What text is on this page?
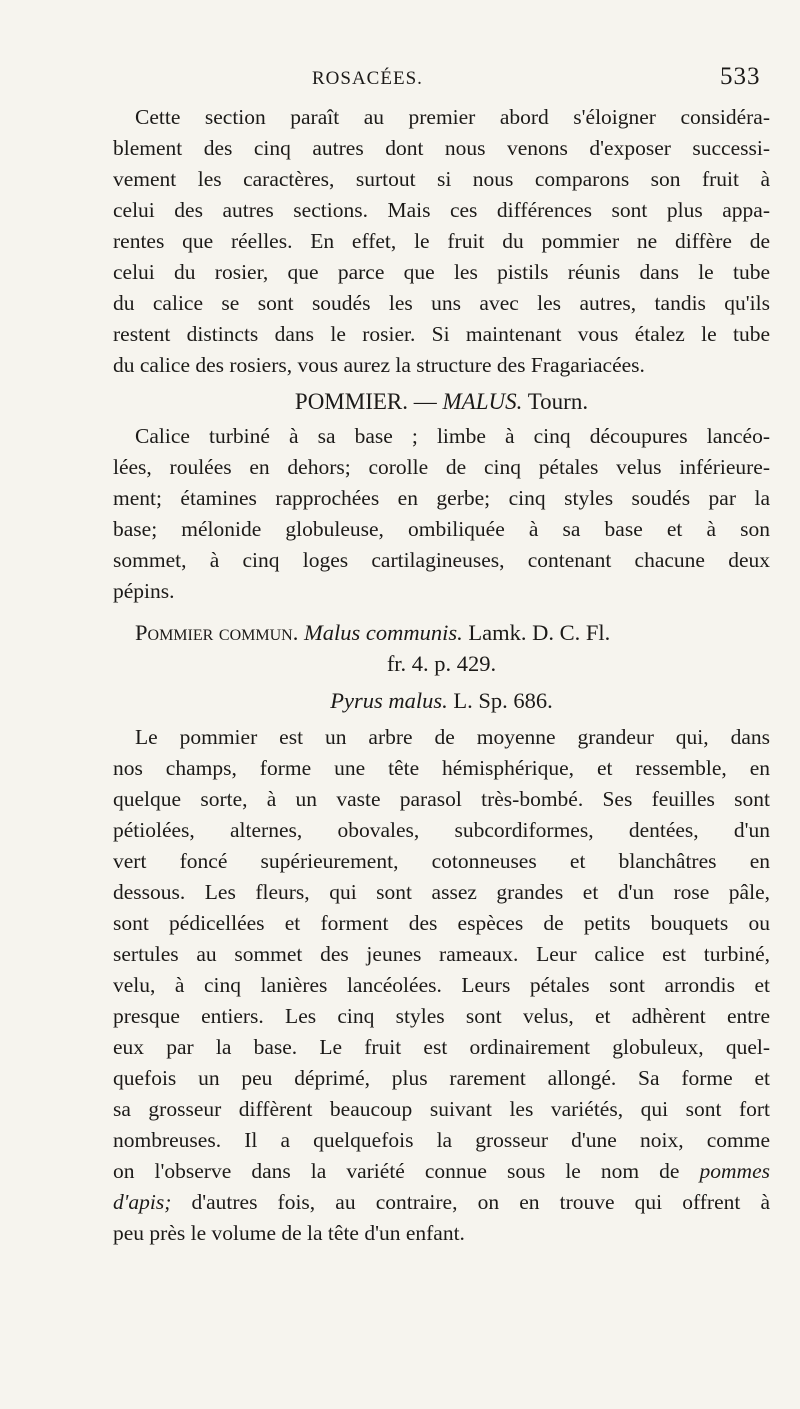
ROSACÉES.	533
Cette section paraît au premier abord s'éloigner considéra-
blement des cinq autres dont nous venons d'exposer successi-
vement les caractères, surtout si nous comparons son fruit à
celui des autres sections. Mais ces différences sont plus appa-
rentes que réelles. En effet, le fruit du pommier ne diffère de
celui du rosier, que parce que les pistils réunis dans le tube
du calice se sont soudés les uns avec les autres, tandis qu'ils
restent distincts dans le rosier. Si maintenant vous étalez le tube
du calice des rosiers, vous aurez la structure des Fragariacées.
POMMIER. — MALUS. Tourn.
Calice turbiné à sa base ; limbe à cinq découpures lancéo-
lées, roulées en dehors; corolle de cinq pétales velus inférieure-
ment; étamines rapprochées en gerbe; cinq styles soudés par la
base; mélonide globuleuse, ombiliquée à sa base et à son
sommet, à cinq loges cartilagineuses, contenant chacune deux
pépins.
Pommier commun. Malus communis. Lamk. D. C. Fl.
fr. 4. p. 429.
Pyrus malus. L. Sp. 686.
Le pommier est un arbre de moyenne grandeur qui, dans
nos champs, forme une tête hémisphérique, et ressemble, en
quelque sorte, à un vaste parasol très-bombé. Ses feuilles sont
pétiolées, alternes, obovales, subcordiformes, dentées, d'un
vert foncé supérieurement, cotonneuses et blanchâtres en
dessous. Les fleurs, qui sont assez grandes et d'un rose pâle,
sont pédicellées et forment des espèces de petits bouquets ou
sertules au sommet des jeunes rameaux. Leur calice est turbiné,
velu, à cinq lanières lancéolées. Leurs pétales sont arrondis et
presque entiers. Les cinq styles sont velus, et adhèrent entre
eux par la base. Le fruit est ordinairement globuleux, quel-
quefois un peu déprimé, plus rarement allongé. Sa forme et
sa grosseur diffèrent beaucoup suivant les variétés, qui sont fort
nombreuses. Il a quelquefois la grosseur d'une noix, comme
on l'observe dans la variété connue sous le nom de pommes
d'apis; d'autres fois, au contraire, on en trouve qui offrent à
peu près le volume de la tête d'un enfant.
